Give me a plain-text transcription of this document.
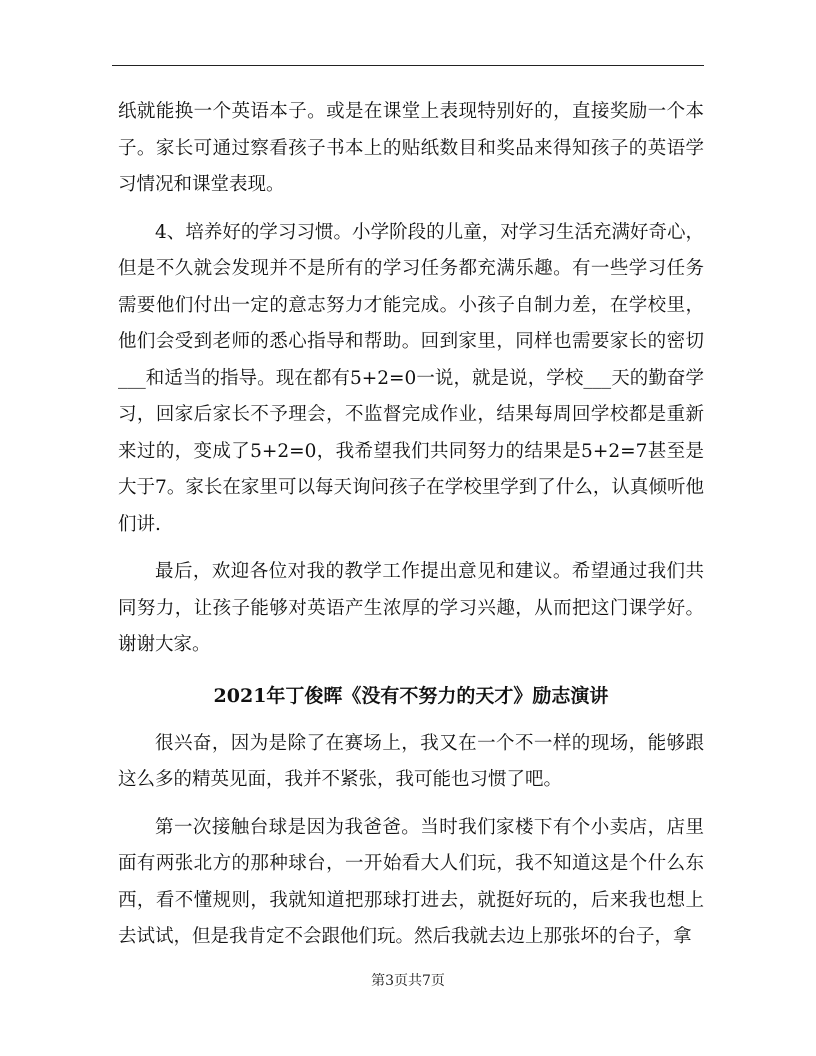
纸就能换一个英语本子。或是在课堂上表现特别好的，直接奖励一个本子。家长可通过察看孩子书本上的贴纸数目和奖品来得知孩子的英语学习情况和课堂表现。

4、培养好的学习习惯。小学阶段的儿童，对学习生活充满好奇心，但是不久就会发现并不是所有的学习任务都充满乐趣。有一些学习任务需要他们付出一定的意志努力才能完成。小孩子自制力差，在学校里，他们会受到老师的悉心指导和帮助。回到家里，同样也需要家长的密切___和适当的指导。现在都有5+2=0一说，就是说，学校___天的勤奋学习，回家后家长不予理会，不监督完成作业，结果每周回学校都是重新来过的，变成了5+2=0，我希望我们共同努力的结果是5+2=7甚至是大于7。家长在家里可以每天询问孩子在学校里学到了什么，认真倾听他们讲.

最后，欢迎各位对我的教学工作提出意见和建议。希望通过我们共同努力，让孩子能够对英语产生浓厚的学习兴趣，从而把这门课学好。谢谢大家。

2021年丁俊晖《没有不努力的天才》励志演讲

很兴奋，因为是除了在赛场上，我又在一个不一样的现场，能够跟这么多的精英见面，我并不紧张，我可能也习惯了吧。

第一次接触台球是因为我爸爸。当时我们家楼下有个小卖店，店里面有两张北方的那种球台，一开始看大人们玩，我不知道这是个什么东西，看不懂规则，我就知道把那球打进去，就挺好玩的，后来我也想上去试试，但是我肯定不会跟他们玩。然后我就去边上那张坏的台子，拿

第3页共7页
